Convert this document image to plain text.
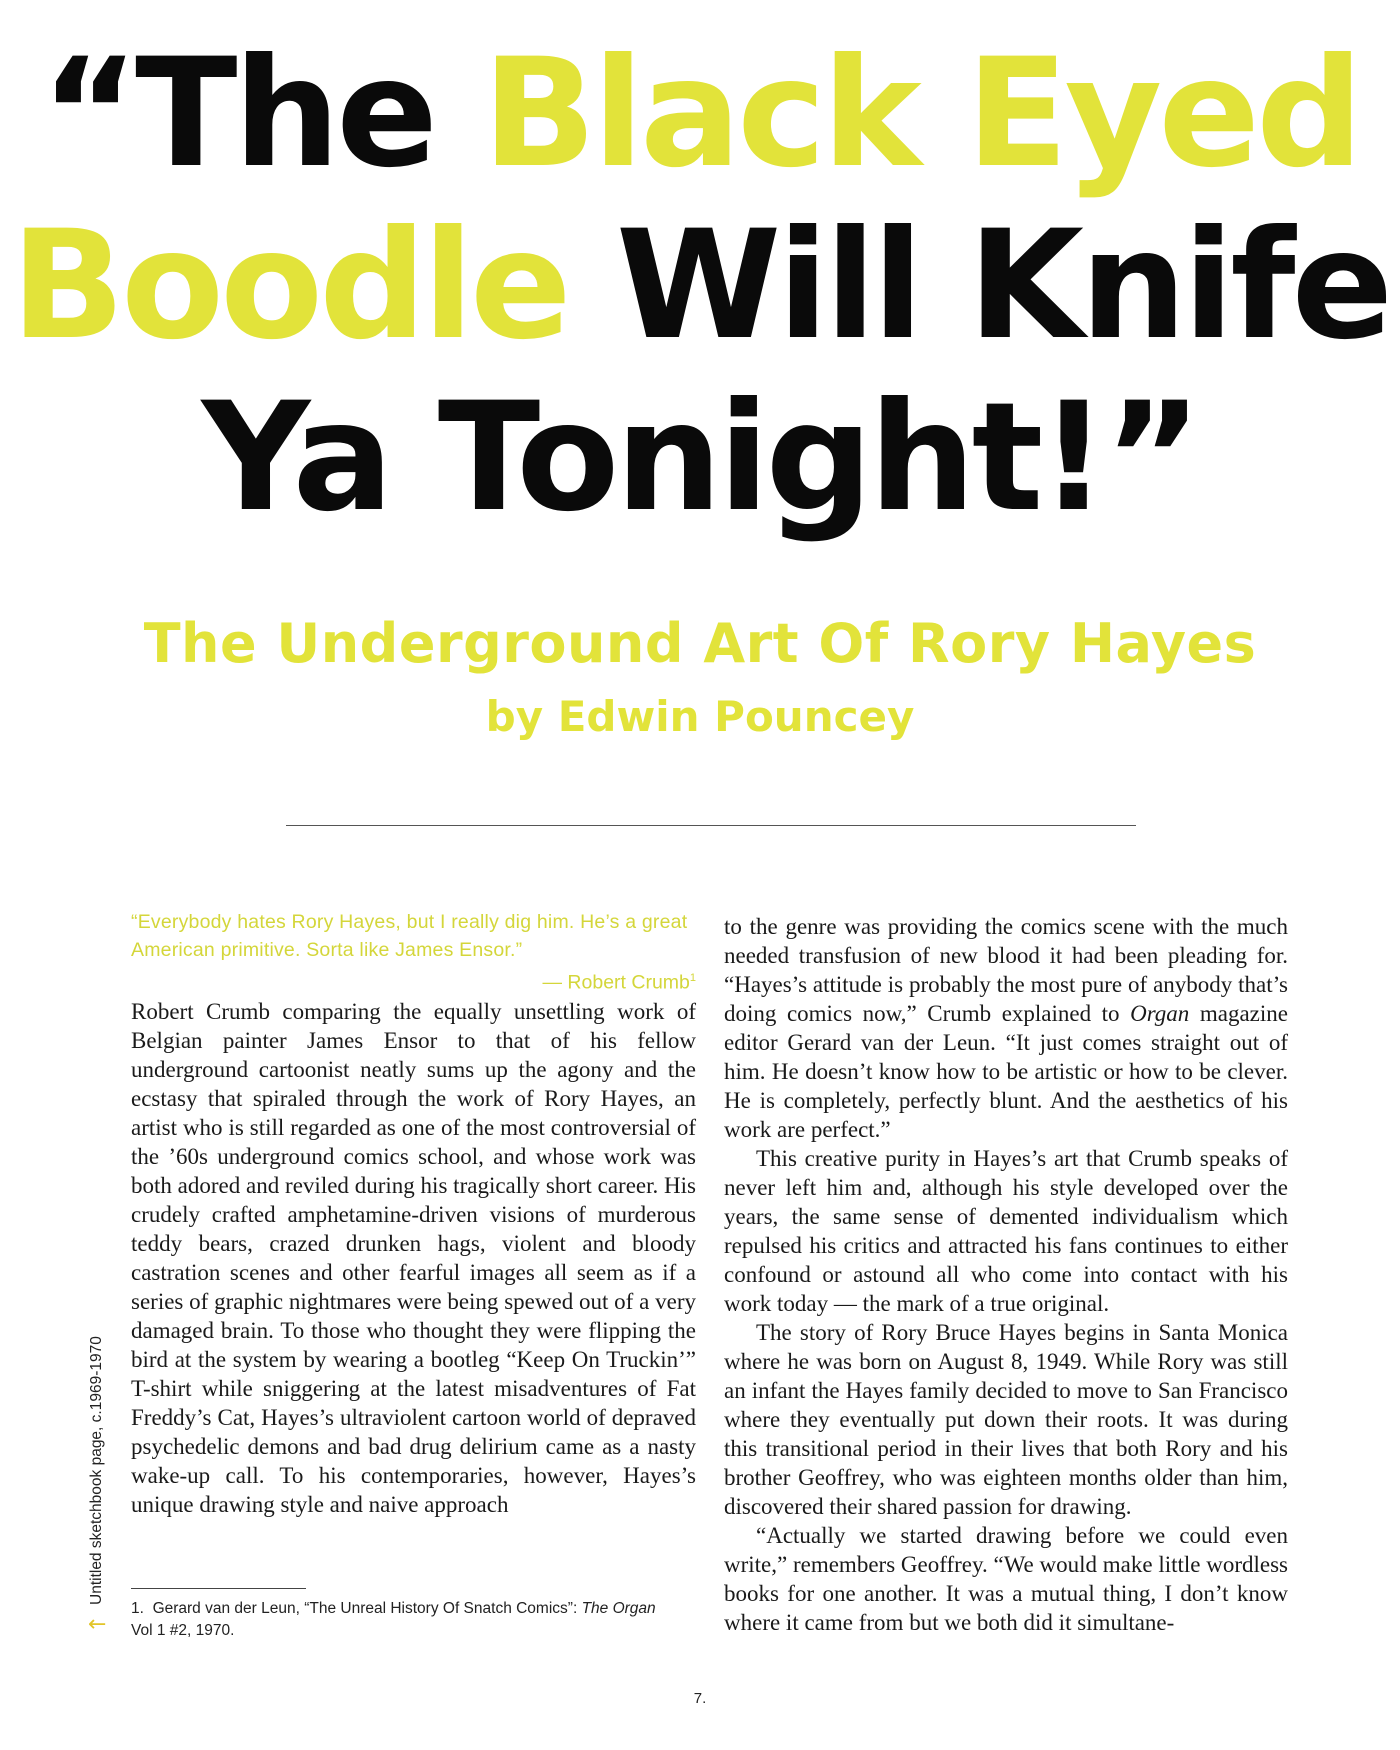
“The Black Eyed
Boodle Will Knife
Ya Tonight!”
The Underground Art Of Rory Hayes
by Edwin Pouncey

“Everybody hates Rory Hayes, but I really dig him. He’s a great American primitive. Sorta like James Ensor.”

— Robert Crumb$^1$

Robert Crumb comparing the equally unsettling work of Belgian painter James Ensor to that of his fellow underground cartoonist neatly sums up the agony and the ecstasy that spiraled through the work of Rory Hayes, an artist who is still regarded as one of the most controversial of the ’60s underground comics school, and whose work was both adored and reviled during his tragically short career. His crudely crafted amphetamine-driven visions of murderous teddy bears, crazed drunken hags, violent and bloody castration scenes and other fearful images all seem as if a series of graphic nightmares were being spewed out of a very damaged brain. To those who thought they were flipping the bird at the system by wearing a bootleg “Keep On Truckin’” T-shirt while sniggering at the latest misadventures of Fat Freddy’s Cat, Hayes’s ultraviolent cartoon world of depraved psychedelic demons and bad drug delirium came as a nasty wake-up call. To his contemporaries, however, Hayes’s unique drawing style and naive approach

to the genre was providing the comics scene with the much needed transfusion of new blood it had been pleading for. “Hayes’s attitude is probably the most pure of anybody that’s doing comics now,” Crumb explained to Organ magazine editor Gerard van der Leun. “It just comes straight out of him. He doesn’t know how to be artistic or how to be clever. He is completely, perfectly blunt. And the aesthetics of his work are perfect.”

This creative purity in Hayes’s art that Crumb speaks of never left him and, although his style developed over the years, the same sense of demented individualism which repulsed his critics and attracted his fans continues to either confound or astound all who come into contact with his work today — the mark of a true original.

The story of Rory Bruce Hayes begins in Santa Monica where he was born on August 8, 1949. While Rory was still an infant the Hayes family decided to move to San Francisco where they eventually put down their roots. It was during this transitional period in their lives that both Rory and his brother Geoffrey, who was eighteen months older than him, discovered their shared passion for drawing.

“Actually we started drawing before we could even write,” remembers Geoffrey. “We would make little wordless books for one another. It was a mutual thing, I don’t know where it came from but we both did it simultane-

1. Gerard van der Leun, “The Unreal History Of Snatch Comics”: The Organ Vol 1 #2, 1970.
Untitled sketchbook page, c.1969-1970
←
7.
